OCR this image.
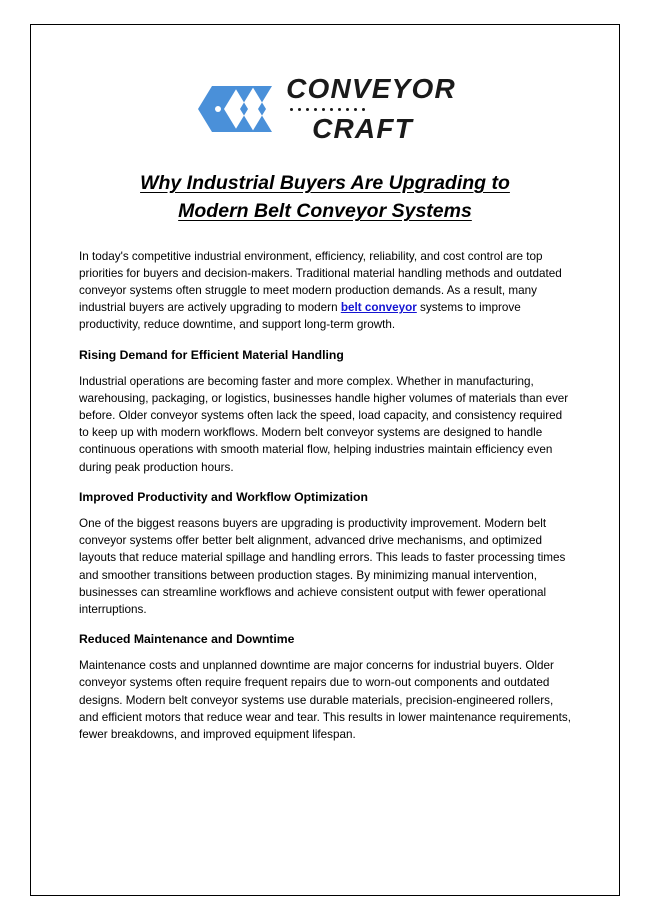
CONVEYOR
CRAFT
Why Industrial Buyers Are Upgrading to
Modern Belt Conveyor Systems

In today's competitive industrial environment, efficiency, reliability, and cost control are top priorities for buyers and decision-makers. Traditional material handling methods and outdated conveyor systems often struggle to meet modern production demands. As a result, many industrial buyers are actively upgrading to modern belt conveyor systems to improve productivity, reduce downtime, and support long-term growth.

Rising Demand for Efficient Material Handling

Industrial operations are becoming faster and more complex. Whether in manufacturing, warehousing, packaging, or logistics, businesses handle higher volumes of materials than ever before. Older conveyor systems often lack the speed, load capacity, and consistency required to keep up with modern workflows. Modern belt conveyor systems are designed to handle continuous operations with smooth material flow, helping industries maintain efficiency even during peak production hours.

Improved Productivity and Workflow Optimization

One of the biggest reasons buyers are upgrading is productivity improvement. Modern belt conveyor systems offer better belt alignment, advanced drive mechanisms, and optimized layouts that reduce material spillage and handling errors. This leads to faster processing times and smoother transitions between production stages. By minimizing manual intervention, businesses can streamline workflows and achieve consistent output with fewer operational interruptions.

Reduced Maintenance and Downtime

Maintenance costs and unplanned downtime are major concerns for industrial buyers. Older conveyor systems often require frequent repairs due to worn-out components and outdated designs. Modern belt conveyor systems use durable materials, precision-engineered rollers, and efficient motors that reduce wear and tear. This results in lower maintenance requirements, fewer breakdowns, and improved equipment lifespan.
